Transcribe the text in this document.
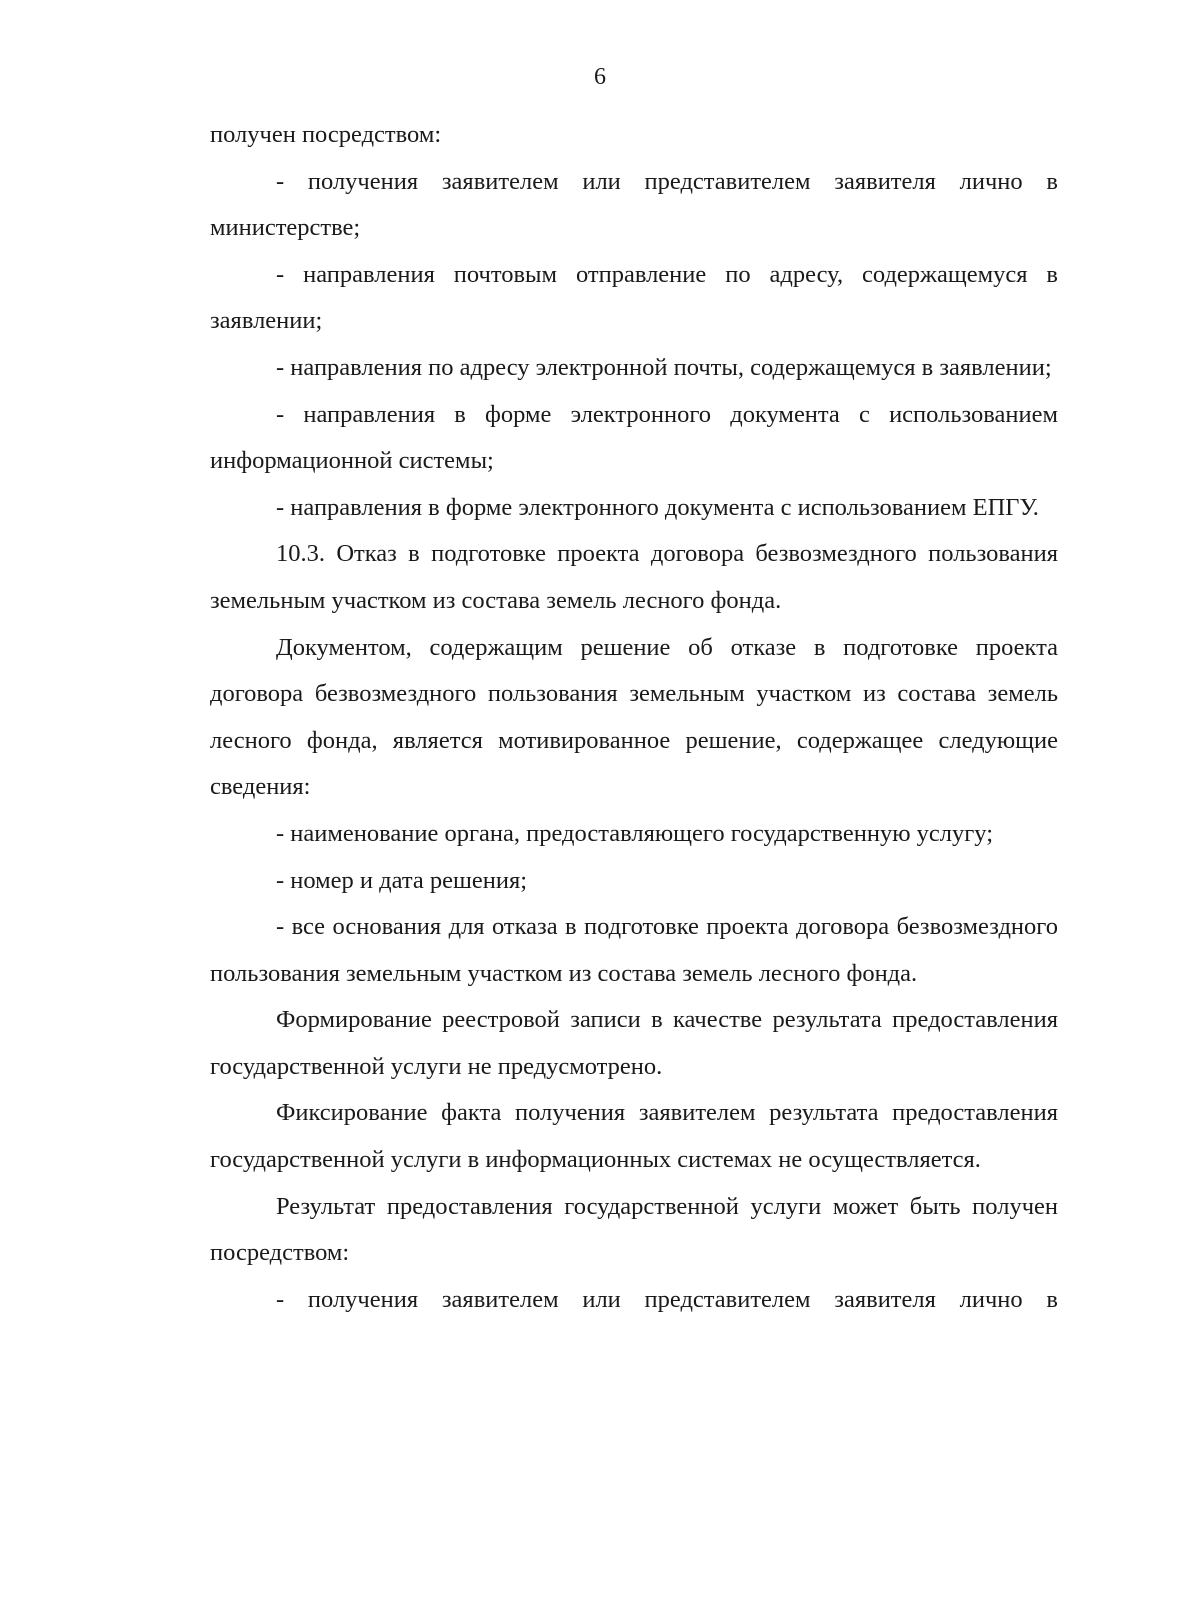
6

получен посредством:

- получения заявителем или представителем заявителя лично в министерстве;

- направления почтовым отправление по адресу, содержащемуся в заявлении;

- направления по адресу электронной почты, содержащемуся в заявлении;

- направления в форме электронного документа с использованием информационной системы;

- направления в форме электронного документа с использованием ЕПГУ.

10.3. Отказ в подготовке проекта договора безвозмездного пользования земельным участком из состава земель лесного фонда.

Документом, содержащим решение об отказе в подготовке проекта договора безвозмездного пользования земельным участком из состава земель лесного фонда, является мотивированное решение, содержащее следующие сведения:

- наименование органа, предоставляющего государственную услугу;

- номер и дата решения;

- все основания для отказа в подготовке проекта договора безвозмездного пользования земельным участком из состава земель лесного фонда.

Формирование реестровой записи в качестве результата предоставления государственной услуги не предусмотрено.

Фиксирование факта получения заявителем результата предоставления государственной услуги в информационных системах не осуществляется.

Результат предоставления государственной услуги может быть получен посредством:

- получения заявителем или представителем заявителя лично в
